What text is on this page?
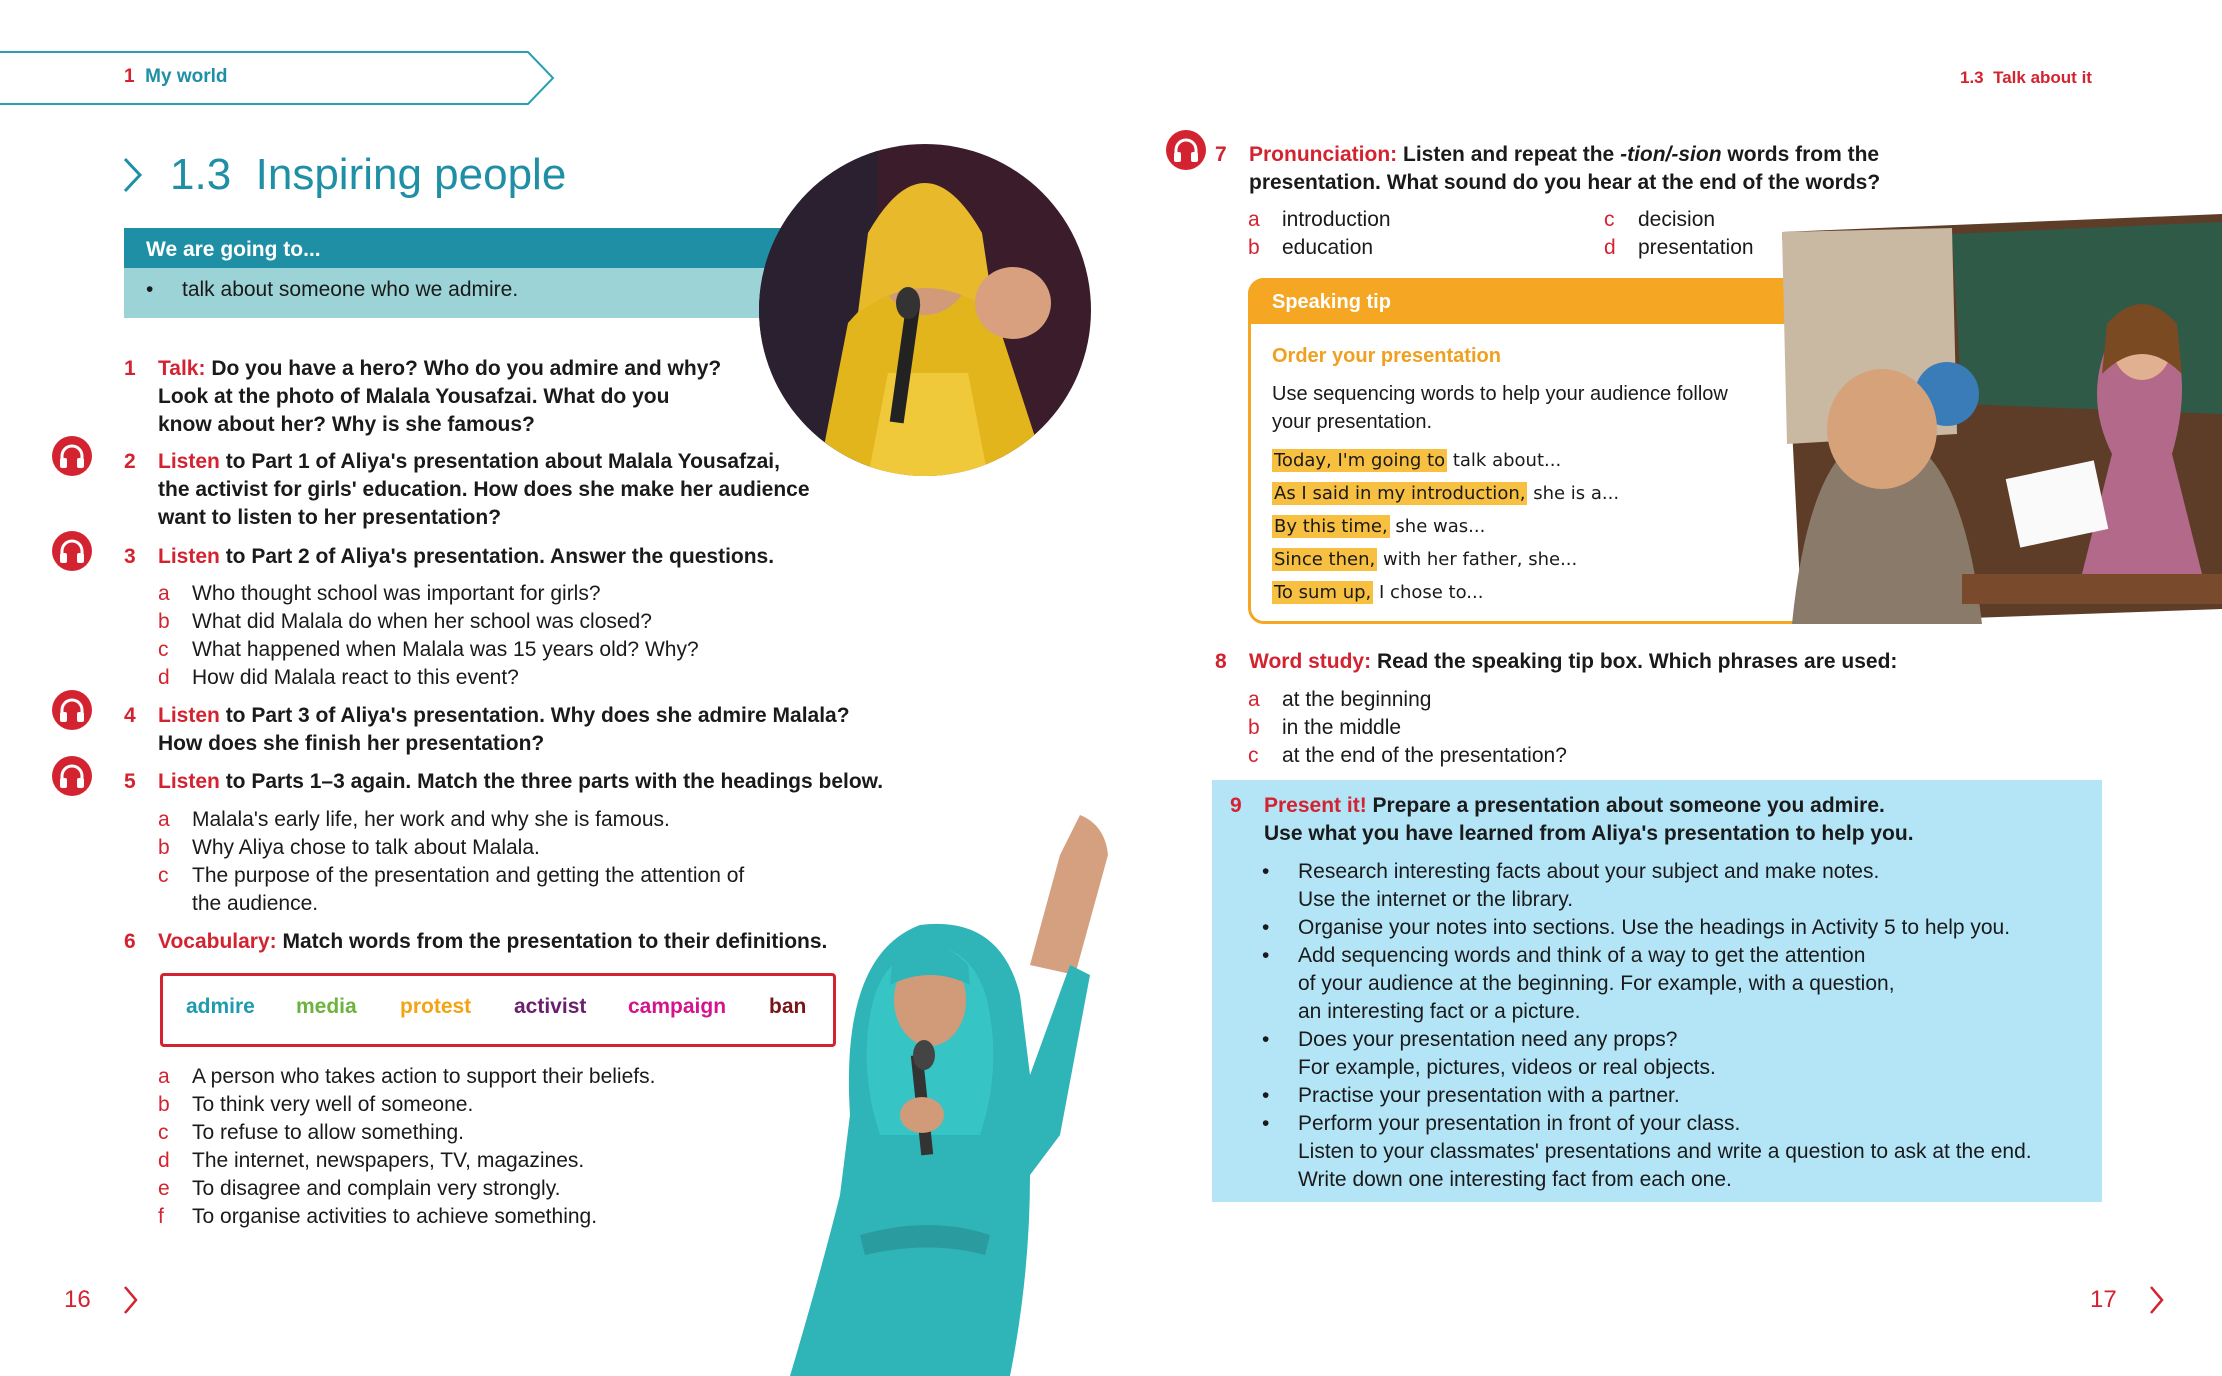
1 My world	1.3 Talk about it
1.3 Inspiring people
We are going to...
• talk about someone who we admire.
1 Talk: Do you have a hero? Who do you admire and why?
Look at the photo of Malala Yousafzai. What do you
know about her? Why is she famous?
2 Listen to Part 1 of Aliya's presentation about Malala Yousafzai,
the activist for girls' education. How does she make her audience
want to listen to her presentation?
3 Listen to Part 2 of Aliya's presentation. Answer the questions.
a Who thought school was important for girls?
b What did Malala do when her school was closed?
c What happened when Malala was 15 years old? Why?
d How did Malala react to this event?
4 Listen to Part 3 of Aliya's presentation. Why does she admire Malala?
How does she finish her presentation?
5 Listen to Parts 1–3 again. Match the three parts with the headings below.
a Malala's early life, her work and why she is famous.
b Why Aliya chose to talk about Malala.
c The purpose of the presentation and getting the attention of

the audience.
6 Vocabulary: Match words from the presentation to their definitions.
admire media protest activist campaign ban
a A person who takes action to support their beliefs.
b To think very well of someone.
c To refuse to allow something.
d The internet, newspapers, TV, magazines.
e To disagree and complain very strongly.
f To organise activities to achieve something.
7 Pronunciation: Listen and repeat the -tion/-sion words from the
presentation. What sound do you hear at the end of the words?
a introduction
b education
c decision
d presentation
Speaking tip
Order your presentation
Use sequencing words to help your audience follow
your presentation.
Today, I'm going to talk about...
As I said in my introduction, she is a...
By this time, she was...
Since then, with her father, she...
To sum up, I chose to...
8 Word study: Read the speaking tip box. Which phrases are used:
a at the beginning
b in the middle
c at the end of the presentation?
9 Present it! Prepare a presentation about someone you admire.
Use what you have learned from Aliya's presentation to help you.
• Research interesting facts about your subject and make notes.
Use the internet or the library.
• Organise your notes into sections. Use the headings in Activity 5 to help you.
• Add sequencing words and think of a way to get the attention
of your audience at the beginning. For example, with a question,
an interesting fact or a picture.
• Does your presentation need any props?
For example, pictures, videos or real objects.
• Practise your presentation with a partner.
• Perform your presentation in front of your class.
Listen to your classmates' presentations and write a question to ask at the end.
Write down one interesting fact from each one.
16	17
